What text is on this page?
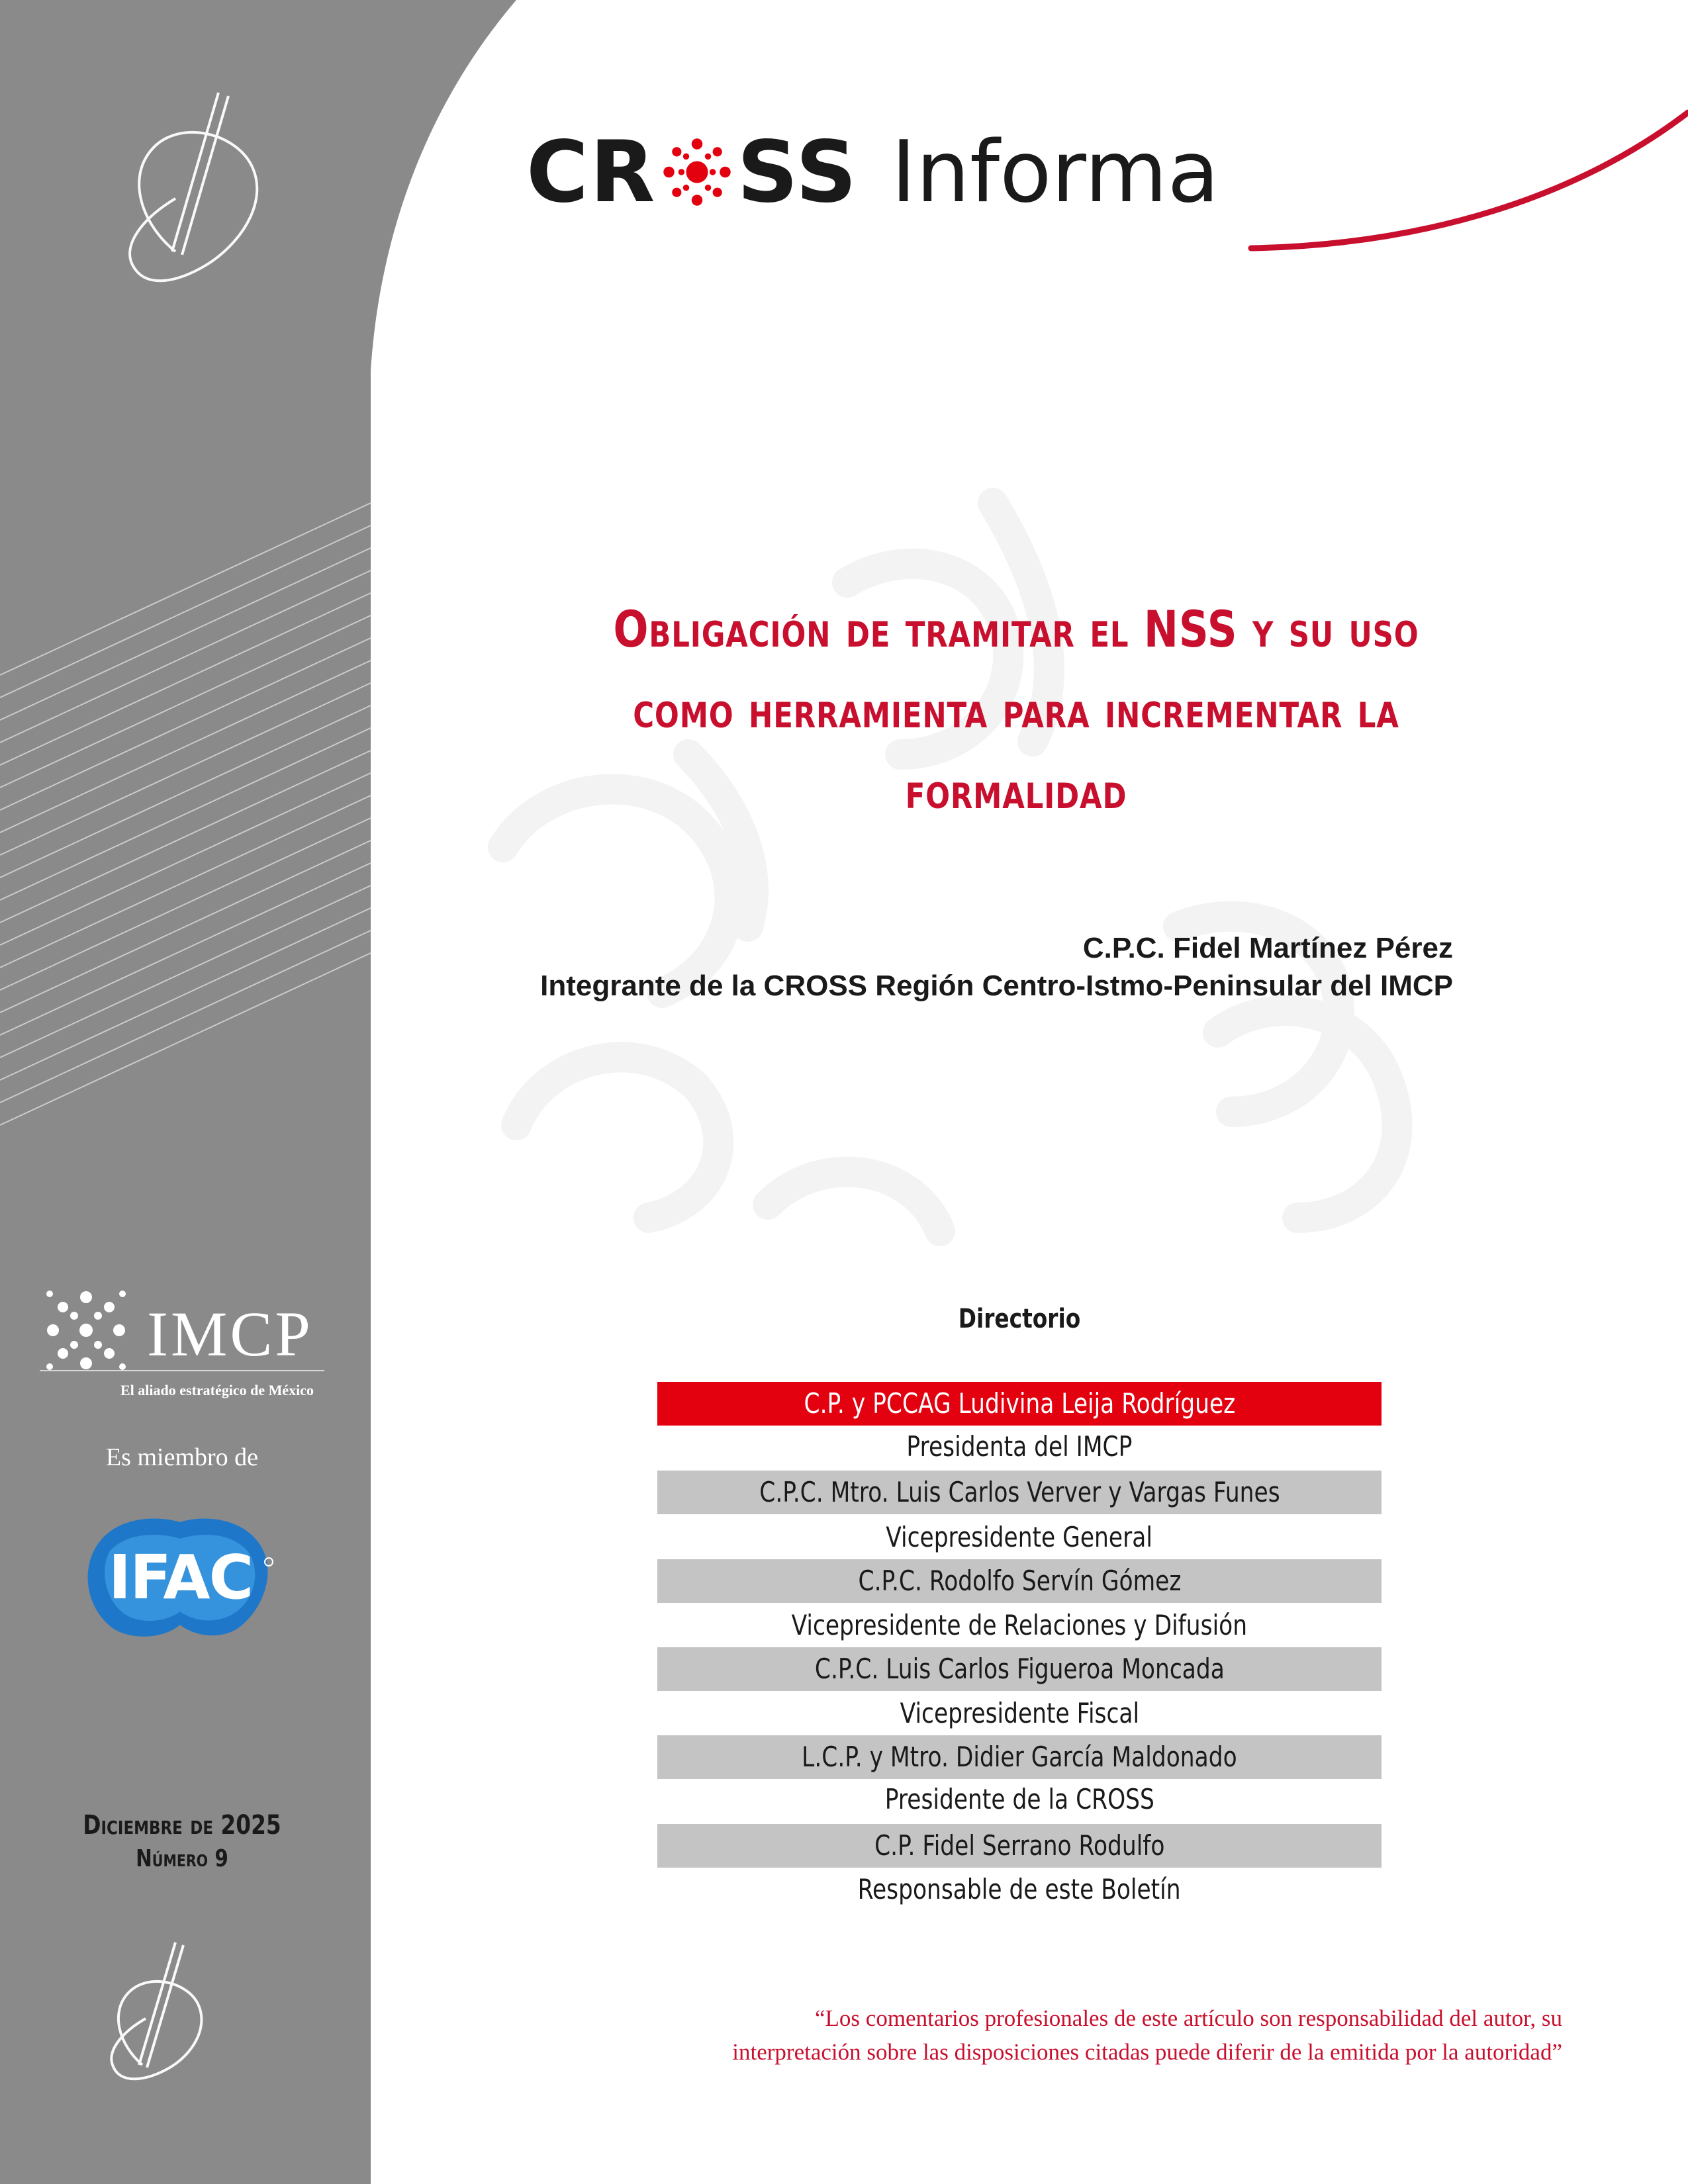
CR SS Informa
Obligación de tramitar el NSS y su uso
como herramienta para incrementar la
formalidad
C.P.C. Fidel Martínez Pérez
Integrante de la CROSS Región Centro-Istmo-Peninsular del IMCP
Directorio
C.P. y PCCAG Ludivina Leija Rodríguez
Presidenta del IMCP
C.P.C. Mtro. Luis Carlos Verver y Vargas Funes
Vicepresidente General
C.P.C. Rodolfo Servín Gómez
Vicepresidente de Relaciones y Difusión
C.P.C. Luis Carlos Figueroa Moncada
Vicepresidente Fiscal
L.C.P. y Mtro. Didier García Maldonado
Presidente de la CROSS
C.P. Fidel Serrano Rodulfo
Responsable de este Boletín
IMCP
El aliado estratégico de México
Es miembro de
IFAC
Diciembre de 2025
Número 9
“Los comentarios profesionales de este artículo son responsabilidad del autor, su
interpretación sobre las disposiciones citadas puede diferir de la emitida por la autoridad”
